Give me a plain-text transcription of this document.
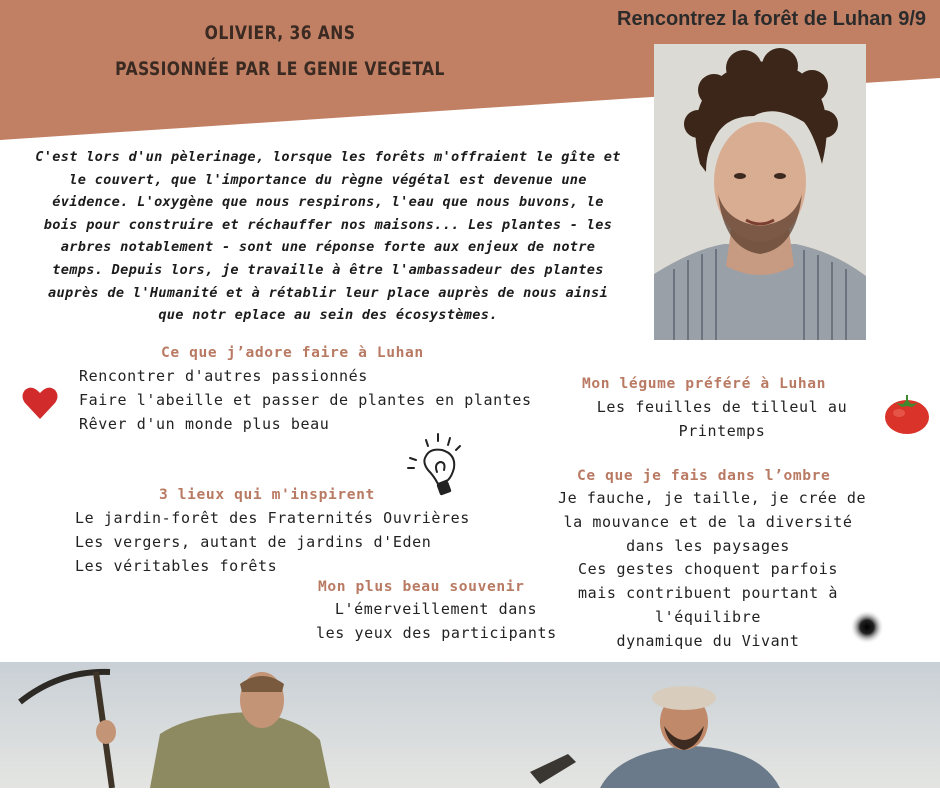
OLIVIER, 36 ANS
PASSIONNÉE PAR LE GENIE VEGETAL
Rencontrez la forêt de Luhan 9/9
C'est lors d'un pèlerinage, lorsque les forêts m'offraient le gîte et
le couvert, que l'importance du règne végétal est devenue une
évidence. L'oxygène que nous respirons, l'eau que nous buvons, le
bois pour construire et réchauffer nos maisons... Les plantes - les
arbres notablement - sont une réponse forte aux enjeux de notre
temps. Depuis lors, je travaille à être l'ambassadeur des plantes
auprès de l'Humanité et à rétablir leur place auprès de nous ainsi
que notr eplace au sein des écosystèmes.
Ce que j’adore faire à Luhan
Rencontrer d'autres passionnés
Faire l'abeille et passer de plantes en plantes
Rêver d'un monde plus beau
3 lieux qui m'inspirent
Le jardin-forêt des Fraternités Ouvrières
Les vergers, autant de jardins d'Eden
Les véritables forêts
Mon plus beau souvenir
L'émerveillement dans
les yeux des participants
Mon légume préféré à Luhan
Les feuilles de tilleul au
Printemps
Ce que je fais dans l’ombre
Je fauche, je taille, je crée de
la mouvance et de la diversité
dans les paysages
Ces gestes choquent parfois
mais contribuent pourtant à
l'équilibre
dynamique du Vivant
